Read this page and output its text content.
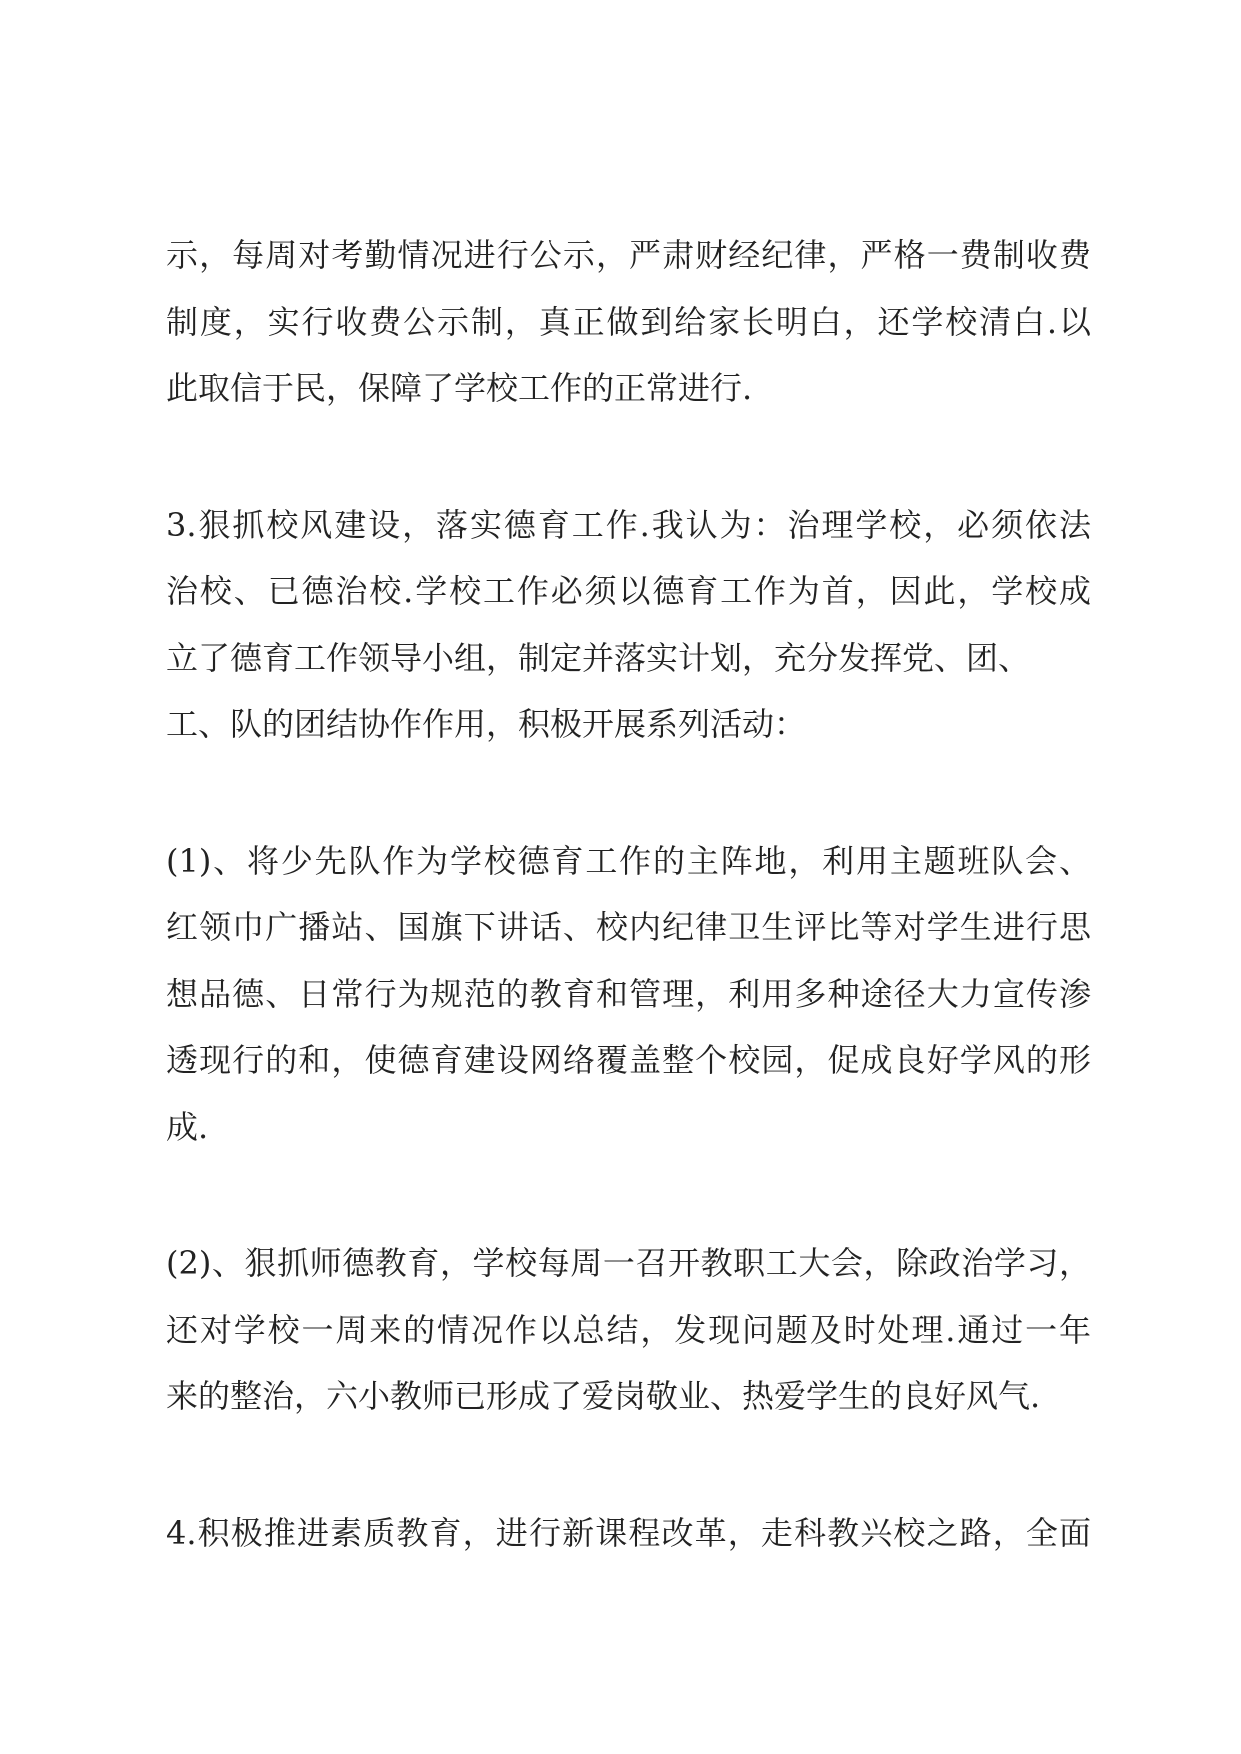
示，每周对考勤情况进行公示，严肃财经纪律，严格一费制收费
制度，实行收费公示制，真正做到给家长明白，还学校清白.以
此取信于民，保障了学校工作的正常进行.
3.狠抓校风建设，落实德育工作.我认为：治理学校，必须依法
治校、已德治校.学校工作必须以德育工作为首，因此，学校成
立了德育工作领导小组，制定并落实计划，充分发挥党、团、
工、队的团结协作作用，积极开展系列活动：
(1)、将少先队作为学校德育工作的主阵地，利用主题班队会、
红领巾广播站、国旗下讲话、校内纪律卫生评比等对学生进行思
想品德、日常行为规范的教育和管理，利用多种途径大力宣传渗
透现行的和，使德育建设网络覆盖整个校园，促成良好学风的形
成.
(2)、狠抓师德教育，学校每周一召开教职工大会，除政治学习，
还对学校一周来的情况作以总结，发现问题及时处理.通过一年
来的整治，六小教师已形成了爱岗敬业、热爱学生的良好风气.
4.积极推进素质教育，进行新课程改革，走科教兴校之路，全面
